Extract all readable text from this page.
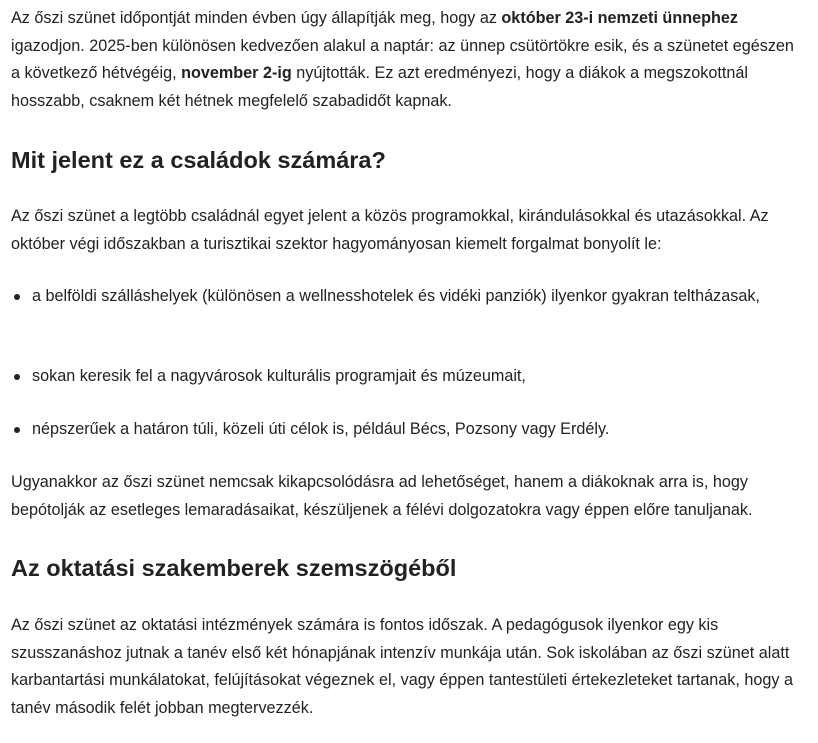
Az őszi szünet időpontját minden évben úgy állapítják meg, hogy az október 23-i nemzeti ünnephez igazodjon. 2025-ben különösen kedvezően alakul a naptár: az ünnep csütörtökre esik, és a szünetet egészen a következő hétvégéig, november 2-ig nyújtották. Ez azt eredményezi, hogy a diákok a megszokottnál hosszabb, csaknem két hétnek megfelelő szabadidőt kapnak.

Mit jelent ez a családok számára?

Az őszi szünet a legtöbb családnál egyet jelent a közös programokkal, kirándulásokkal és utazásokkal. Az október végi időszakban a turisztikai szektor hagyományosan kiemelt forgalmat bonyolít le:

a belföldi szálláshelyek (különösen a wellnesshotelek és vidéki panziók) ilyenkor gyakran teltházasak,
sokan keresik fel a nagyvárosok kulturális programjait és múzeumait,
népszerűek a határon túli, közeli úti célok is, például Bécs, Pozsony vagy Erdély.

Ugyanakkor az őszi szünet nemcsak kikapcsolódásra ad lehetőséget, hanem a diákoknak arra is, hogy bepótolják az esetleges lemaradásaikat, készüljenek a félévi dolgozatokra vagy éppen előre tanuljanak.

Az oktatási szakemberek szemszögéből

Az őszi szünet az oktatási intézmények számára is fontos időszak. A pedagógusok ilyenkor egy kis szusszanáshoz jutnak a tanév első két hónapjának intenzív munkája után. Sok iskolában az őszi szünet alatt karbantartási munkálatokat, felújításokat végeznek el, vagy éppen tantestületi értekezleteket tartanak, hogy a tanév második felét jobban megtervezzék.
